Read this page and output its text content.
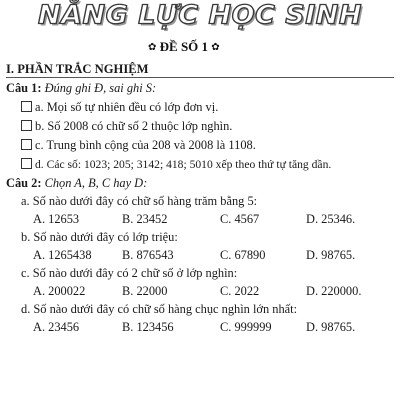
NĂNG LỰC HỌC SINH
✿ ĐỀ SỐ 1 ✿
I. PHẦN TRẮC NGHIỆM
Câu 1: Đúng ghi Đ, sai ghi S:
a. Mọi số tự nhiên đều có lớp đơn vị.
b. Số 2008 có chữ số 2 thuộc lớp nghìn.
c. Trung bình cộng của 208 và 2008 là 1108.
d. Các số: 1023; 205; 3142; 418; 5010 xếp theo thứ tự tăng dần.
Câu 2: Chọn A, B, C hay D:
a. Số nào dưới đây có chữ số hàng trăm bằng 5:
A. 12653	B. 23452	C. 4567	D. 25346.
b. Số nào dưới đây có lớp triệu:
A. 1265438 B. 876543	C. 67890	D. 98765.
c. Số nào dưới đây có 2 chữ số ở lớp nghìn:
A. 200022	B. 22000	C. 2022	D. 220000.
d. Số nào dưới đây có chữ số hàng chục nghìn lớn nhất:
A. 23456	B. 123456	C. 999999	D. 98765.
